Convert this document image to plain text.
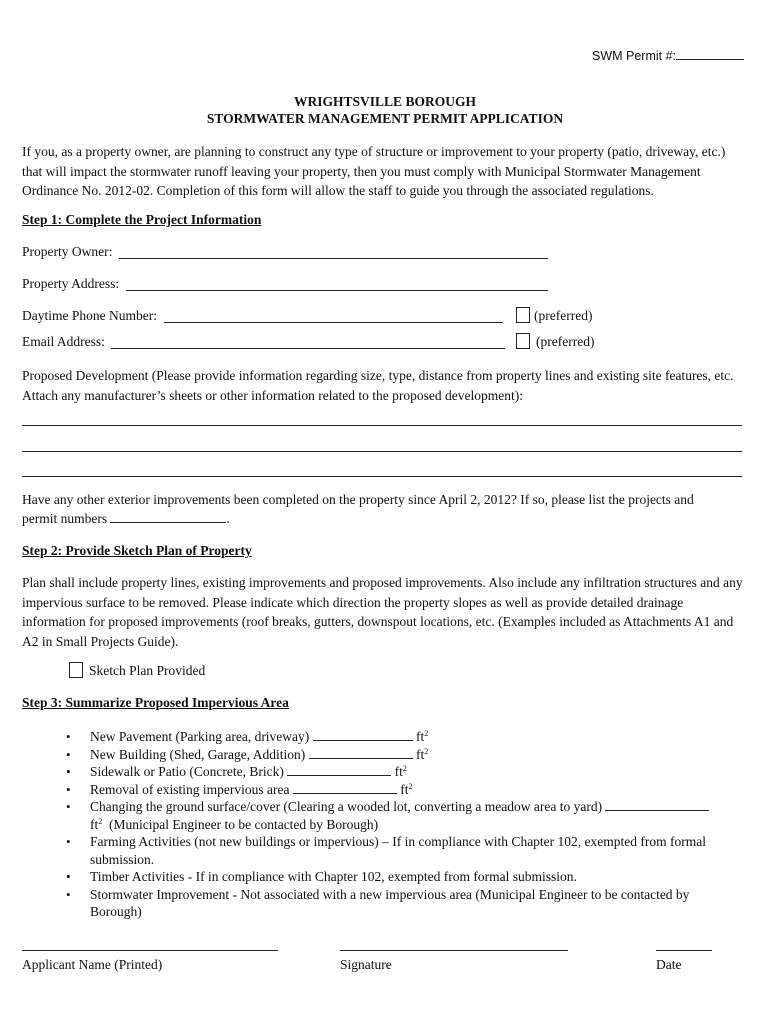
SWM Permit #:
WRIGHTSVILLE BOROUGH
STORMWATER MANAGEMENT PERMIT APPLICATION
If you, as a property owner, are planning to construct any type of structure or improvement to your property (patio, driveway, etc.) that will impact the stormwater runoff leaving your property, then you must comply with Municipal Stormwater Management Ordinance No. 2012-02. Completion of this form will allow the staff to guide you through the associated regulations.
Step 1: Complete the Project Information
Property Owner:
Property Address:
Daytime Phone Number:	(preferred)
Email Address:	(preferred)
Proposed Development (Please provide information regarding size, type, distance from property lines and existing site features, etc. Attach any manufacturer’s sheets or other information related to the proposed development):
Have any other exterior improvements been completed on the property since April 2, 2012? If so, please list the projects and
permit numbers	.
Step 2: Provide Sketch Plan of Property
Plan shall include property lines, existing improvements and proposed improvements. Also include any infiltration structures and any impervious surface to be removed. Please indicate which direction the property slopes as well as provide detailed drainage information for proposed improvements (roof breaks, gutters, downspout locations, etc. (Examples included as Attachments A1 and A2 in Small Projects Guide).
Sketch Plan Provided
Step 3: Summarize Proposed Impervious Area
• New Pavement (Parking area, driveway)	$ft^2$
• New Building (Shed, Garage, Addition)	$ft^2$
• Sidewalk or Patio (Concrete, Brick)	$ft^2$
• Removal of existing impervious area	$ft^2$
• Changing the ground surface/cover (Clearing a wooded lot, converting a meadow area to yard)
$ft^2$ (Municipal Engineer to be contacted by Borough)
• Farming Activities (not new buildings or impervious) – If in compliance with Chapter 102, exempted from formal submission.
• Timber Activities - If in compliance with Chapter 102, exempted from formal submission.
• Stormwater Improvement - Not associated with a new impervious area (Municipal Engineer to be contacted by Borough)
Applicant Name (Printed)	Signature	Date
